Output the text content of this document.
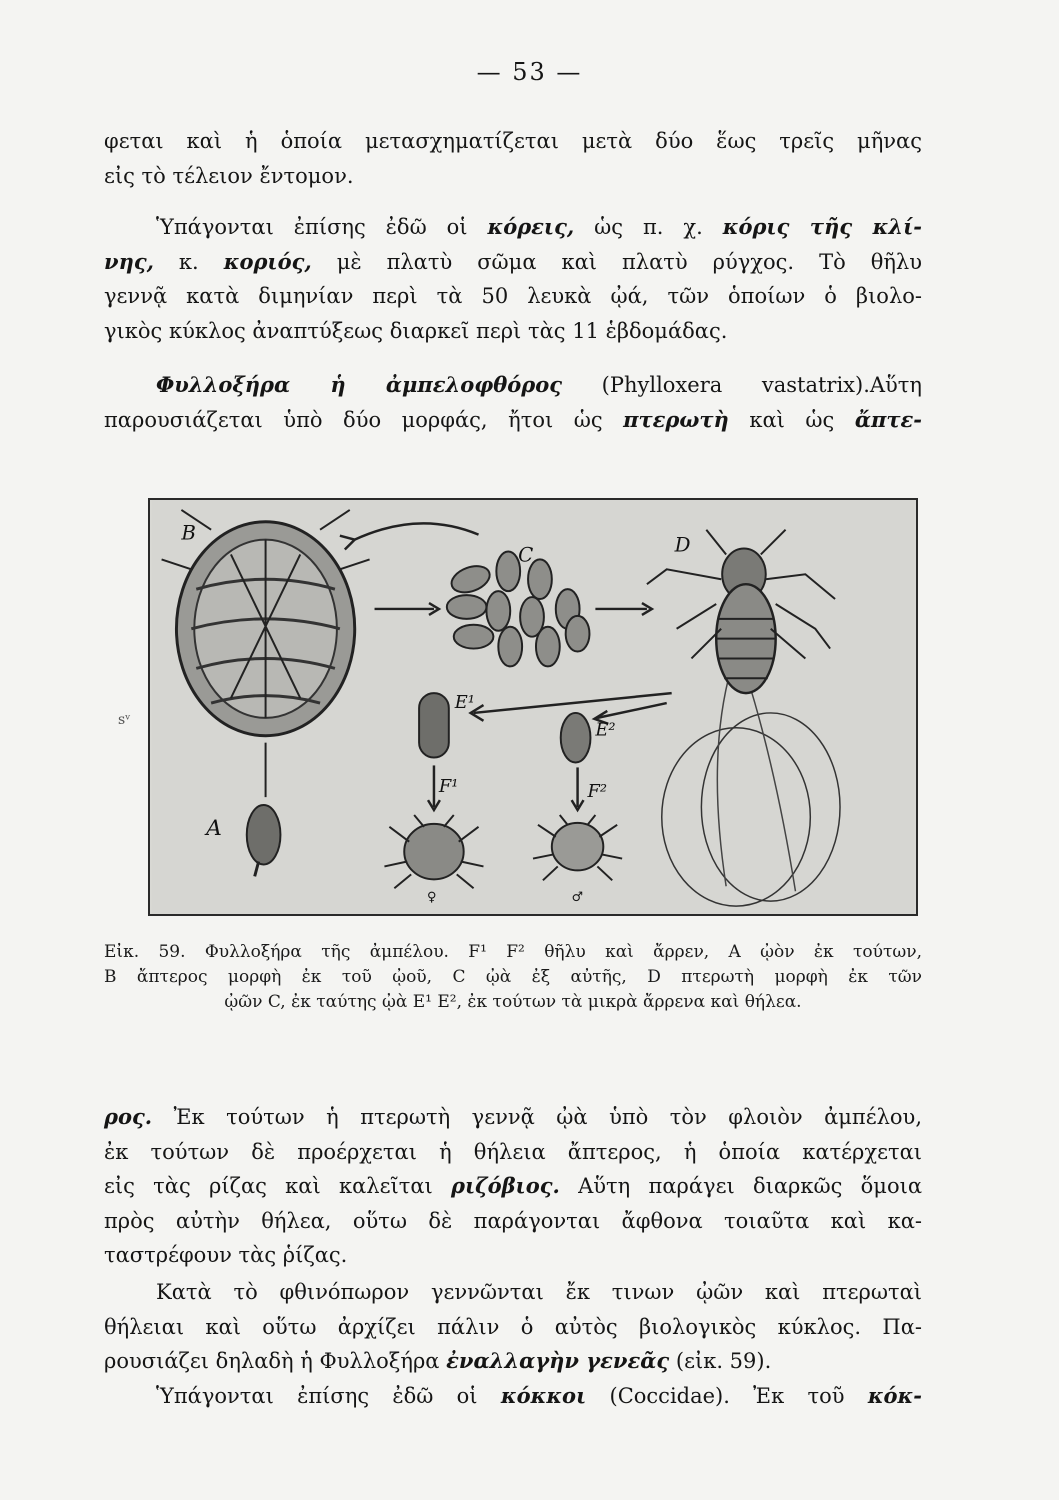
— 53 —
φεται καὶ ἡ ὁποία μετασχηματίζεται μετὰ δύο ἕως τρεῖς μῆνας
εἰς τὸ τέλειον ἔντομον.
Ὑπάγονται ἐπίσης ἐδῶ οἱ κόρεις, ὡς π. χ. κόρις τῆς κλί-
νης, κ. κοριός, μὲ πλατὺ σῶμα καὶ πλατὺ ρύγχος. Τὸ θῆλυ
γεννᾷ κατὰ διμηνίαν περὶ τὰ 50 λευκὰ ᾠά, τῶν ὁποίων ὁ βιολο-
γικὸς κύκλος ἀναπτύξεως διαρκεῖ περὶ τὰς 11 ἑβδομάδας.
Φυλλοξήρα ἡ ἀμπελοφθόρος (Phylloxera vastatrix).Αὕτη
παρουσιάζεται ὑπὸ δύο μορφάς, ἤτοι ὡς πτερωτὴ καὶ ὡς ἄπτε-
ꜱᵛ
B
C	D
E¹
E²
F¹	F²
A
♀	♂
Εἰκ. 59. Φυλλοξήρα τῆς ἀμπέλου. F¹ F² θῆλυ καὶ ἄρρεν, A ᾠὸν ἐκ τούτων,
B ἄπτερος μορφὴ ἐκ τοῦ ᾠοῦ, C ᾠὰ ἐξ αὐτῆς, D πτερωτὴ μορφὴ ἐκ τῶν
ᾠῶν C, ἐκ ταύτης ᾠὰ E¹ E², ἐκ τούτων τὰ μικρὰ ἄρρενα καὶ θήλεα.
ρος. Ἐκ τούτων ἡ πτερωτὴ γεννᾷ ᾠὰ ὑπὸ τὸν φλοιὸν ἀμπέλου,
ἐκ τούτων δὲ προέρχεται ἡ θήλεια ἄπτερος, ἡ ὁποία κατέρχεται
εἰς τὰς ρίζας καὶ καλεῖται ριζόβιος. Αὕτη παράγει διαρκῶς ὅμοια
πρὸς αὐτὴν θήλεα, οὕτω δὲ παράγονται ἄφθονα τοιαῦτα καὶ κα-
ταστρέφουν τὰς ῥίζας.
Κατὰ τὸ φθινόπωρον γεννῶνται ἔκ τινων ᾠῶν καὶ πτερωταὶ
θήλειαι καὶ οὕτω ἀρχίζει πάλιν ὁ αὐτὸς βιολογικὸς κύκλος. Πα-
ρουσιάζει δηλαδὴ ἡ Φυλλοξήρα ἐναλλαγὴν γενεᾶς (εἰκ. 59).
Ὑπάγονται ἐπίσης ἐδῶ οἱ κόκκοι (Coccidae). Ἐκ τοῦ κόκ-
